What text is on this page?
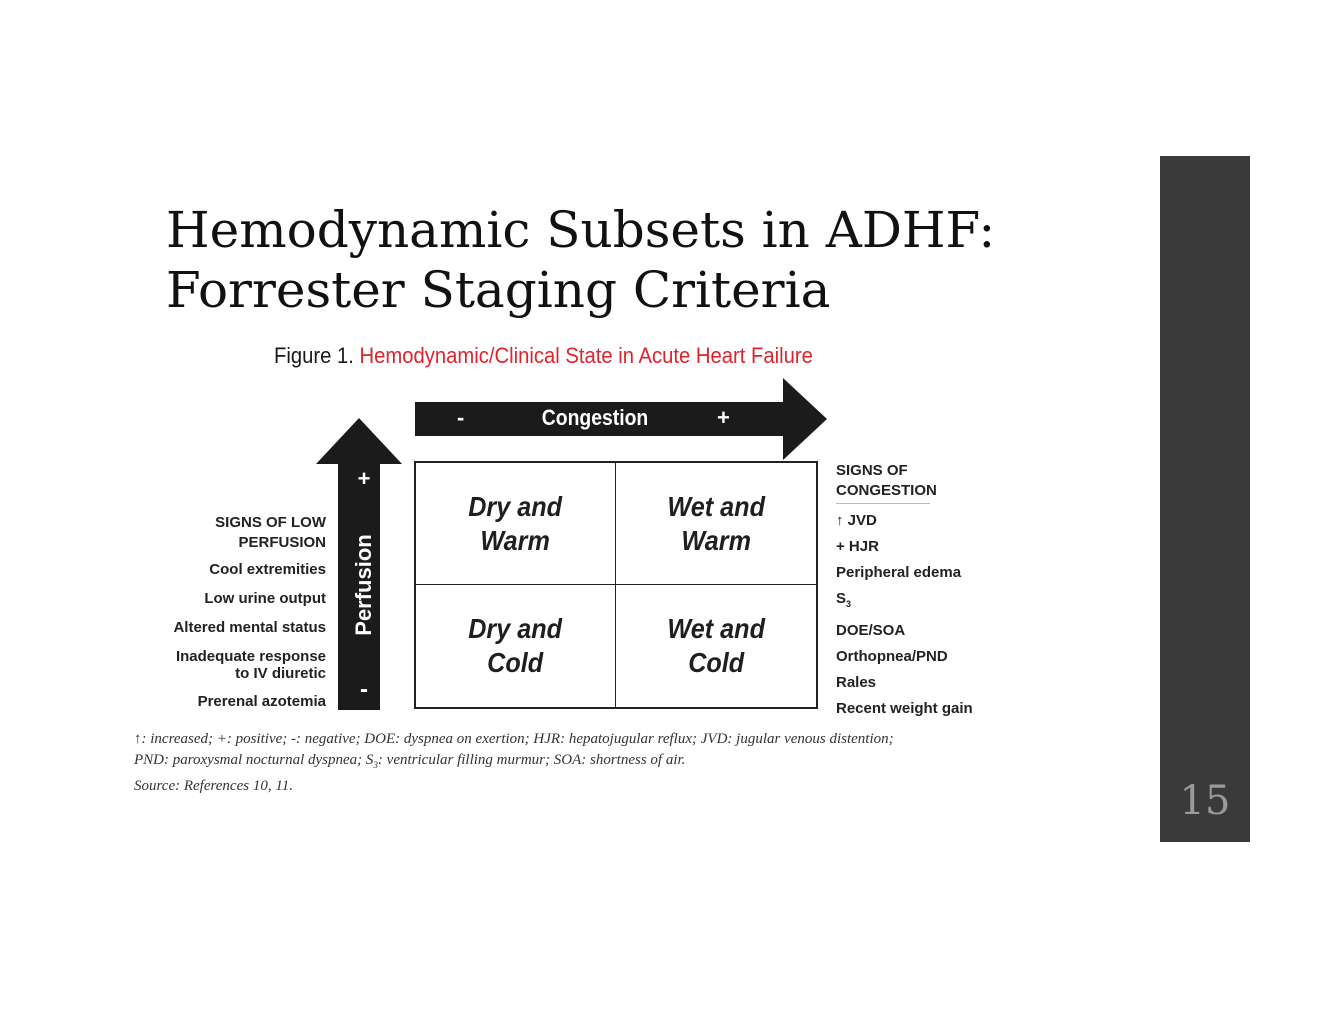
Hemodynamic Subsets in ADHF:
Forrester Staging Criteria
15
Figure 1. Hemodynamic/Clinical State in Acute Heart Failure
-	Congestion	+
+
Perfusion
-
Dry and
Warm
Wet and
Warm
Dry and
Cold
Wet and
Cold
SIGNS OF LOW
PERFUSION
Cool extremities
Low urine output
Altered mental status
Inadequate response
to IV diuretic
Prerenal azotemia
SIGNS OF
CONGESTION
↑ JVD
+ HJR
Peripheral edema
$S_3$
DOE/SOA
Orthopnea/PND
Rales
Recent weight gain
↑: increased; +: positive; -: negative; DOE: dyspnea on exertion; HJR: hepatojugular reflux; JVD: jugular venous distention;
PND: paroxysmal nocturnal dyspnea; $S_3$: ventricular filling murmur; SOA: shortness of air.
Source: References 10, 11.
